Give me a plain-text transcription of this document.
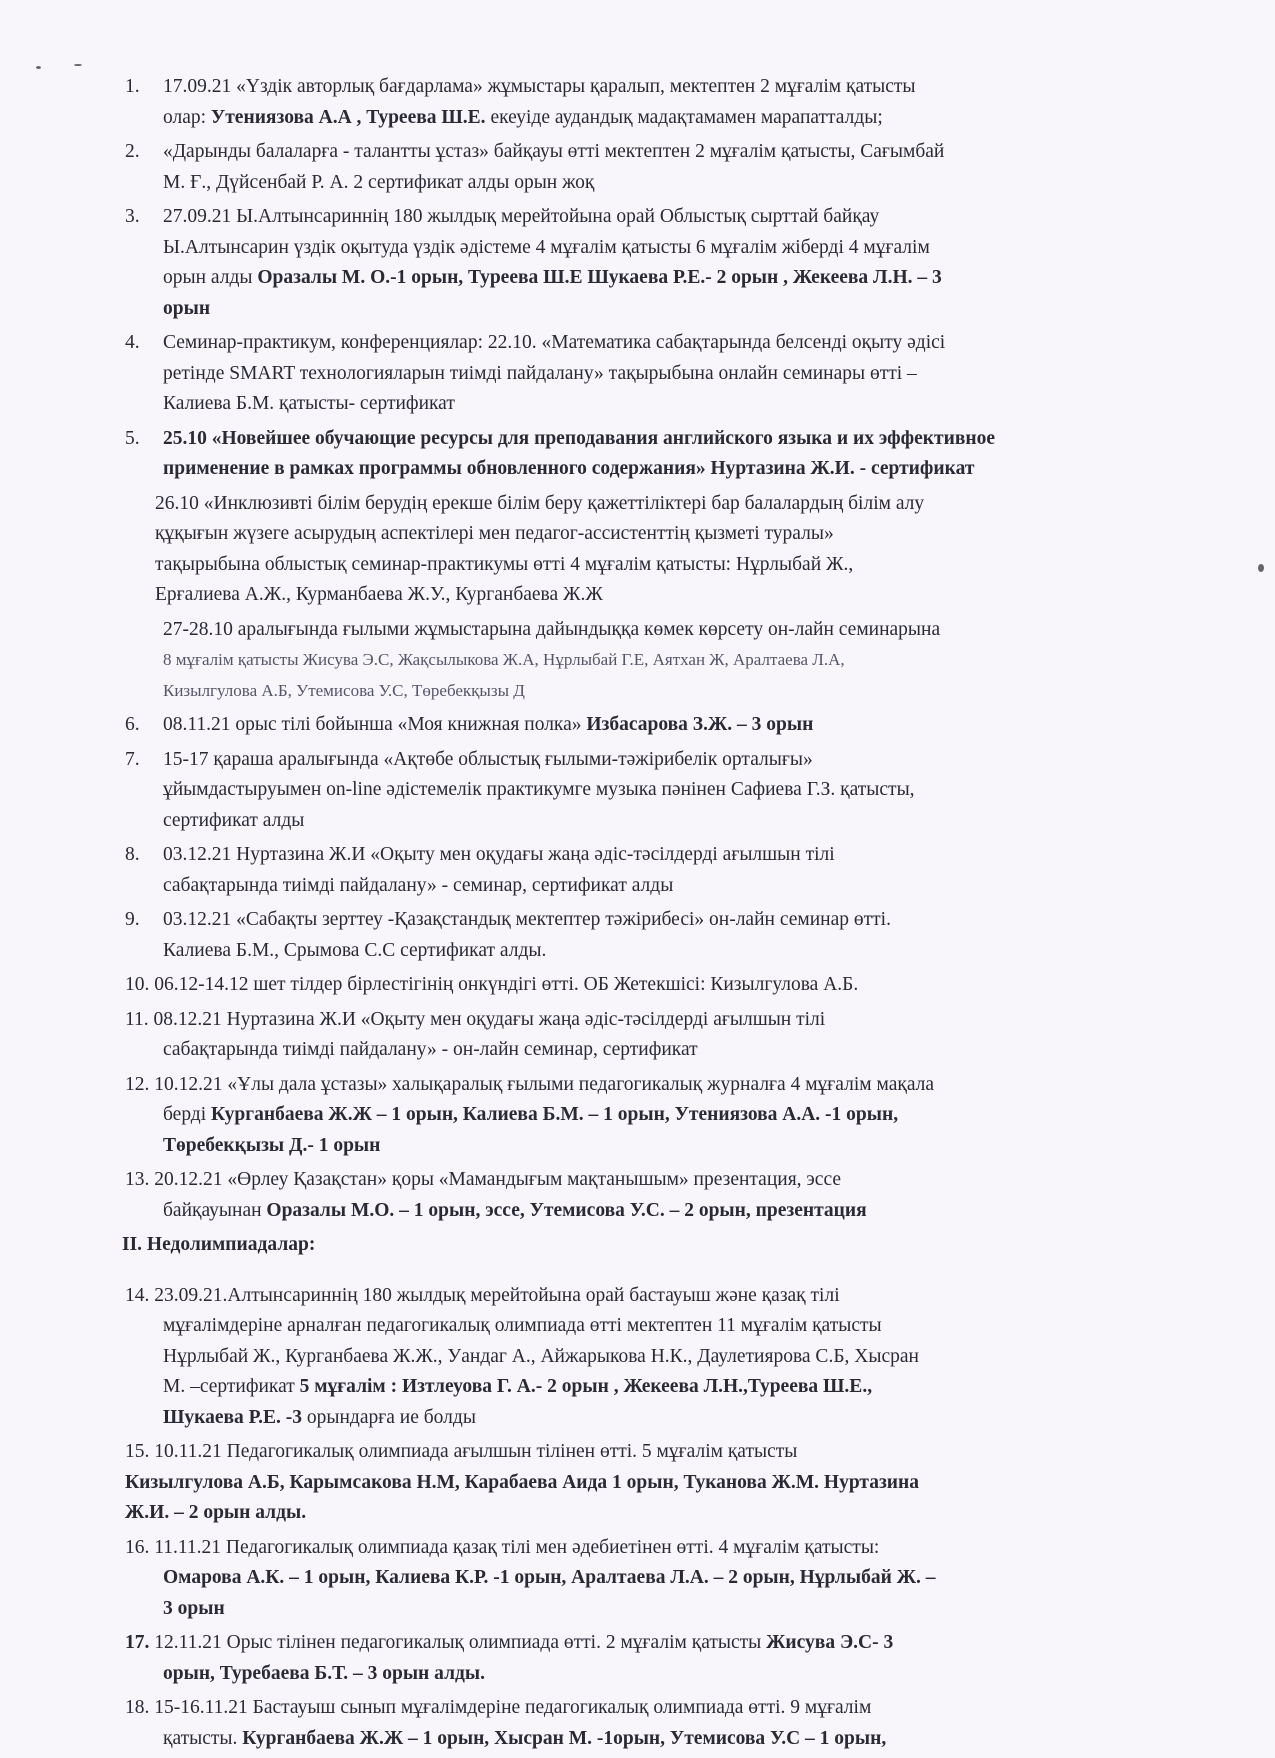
1. 17.09.21 «Үздік авторлық бағдарлама» жұмыстары қаралып, мектептен 2 мұғалім қатысты
олар: Утениязова А.А , Туреева Ш.Е. екеуіде аудандық мадақтамамен марапатталды;
2. «Дарынды балаларға - талантты ұстаз» байқауы өтті мектептен 2 мұғалім қатысты, Сағымбай
М. Ғ., Дүйсенбай Р. А. 2 сертификат алды орын жоқ
3. 27.09.21 Ы.Алтынсариннің 180 жылдық мерейтойына орай Облыстық сырттай байқау
Ы.Алтынсарин үздік оқытуда үздік әдістеме 4 мұғалім қатысты 6 мұғалім жіберді 4 мұғалім
орын алды Оразалы М. О.-1 орын, Туреева Ш.Е Шукаева Р.Е.- 2 орын , Жекеева Л.Н. – 3
орын
4. Семинар-практикум, конференциялар: 22.10. «Математика сабақтарында белсенді оқыту әдісі
ретінде SMART технологияларын тиімді пайдалану» тақырыбына онлайн семинары өтті –
Калиева Б.М. қатысты- сертификат
5. 25.10 «Новейшее обучающие ресурсы для преподавания английского языка и их эффективное
применение в рамках программы обновленного содержания» Нуртазина Ж.И. - сертификат
26.10 «Инклюзивті білім берудің ерекше білім беру қажеттіліктері бар балалардың білім алу
құқығын жүзеге асырудың аспектілері мен педагог-ассистенттің қызметі туралы»
тақырыбына облыстық семинар-практикумы өтті 4 мұғалім қатысты: Нұрлыбай Ж.,
Ерғалиева А.Ж., Курманбаева Ж.У., Курганбаева Ж.Ж
27-28.10 аралығында ғылыми жұмыстарына дайындыққа көмек көрсету он-лайн семинарына
8 мұғалім қатысты Жисува Э.С, Жақсылыкова Ж.А, Нұрлыбай Г.Е, Аятхан Ж, Аралтаева Л.А,
Кизылгулова А.Б, Утемисова У.С, Төребекқызы Д
6. 08.11.21 орыс тілі бойынша «Моя книжная полка» Избасарова З.Ж. – 3 орын
7. 15-17 қараша аралығында «Ақтөбе облыстық ғылыми-тәжірибелік орталығы»
ұйымдастыруымен on-line әдістемелік практикумге музыка пәнінен Сафиева Г.З. қатысты,
сертификат алды
8. 03.12.21 Нуртазина Ж.И «Оқыту мен оқудағы жаңа әдіс-тәсілдерді ағылшын тілі
сабақтарында тиімді пайдалану» - семинар, сертификат алды
9. 03.12.21 «Сабақты зерттеу -Қазақстандық мектептер тәжірибесі» он-лайн семинар өтті.
Калиева Б.М., Срымова С.С сертификат алды.
10. 06.12-14.12 шет тілдер бірлестігінің онкүндігі өтті. ОБ Жетекшісі: Кизылгулова А.Б.
11. 08.12.21 Нуртазина Ж.И «Оқыту мен оқудағы жаңа әдіс-тәсілдерді ағылшын тілі
сабақтарында тиімді пайдалану» - он-лайн семинар, сертификат
12. 10.12.21 «Ұлы дала ұстазы» халықаралық ғылыми педагогикалық журналға 4 мұғалім мақала
берді Курганбаева Ж.Ж – 1 орын, Калиева Б.М. – 1 орын, Утениязова А.А. -1 орын,
Төребекқызы Д.- 1 орын
13. 20.12.21 «Өрлеу Қазақстан» қоры «Мамандығым мақтанышым» презентация, эссе
байқауынан Оразалы М.О. – 1 орын, эссе, Утемисова У.С. – 2 орын, презентация
II. Недолимпиадалар:
14. 23.09.21.Алтынсариннің 180 жылдық мерейтойына орай бастауыш және қазақ тілі
мұғалімдеріне арналған педагогикалық олимпиада өтті мектептен 11 мұғалім қатысты
Нұрлыбай Ж., Курганбаева Ж.Ж., Уандаг А., Айжарыкова Н.К., Даулетиярова С.Б, Хысран
М. –сертификат 5 мұғалім : Изтлеуова Г. А.- 2 орын , Жекеева Л.Н.,Туреева Ш.Е.,
Шукаева Р.Е. -3 орындарға ие болды
15. 10.11.21 Педагогикалық олимпиада ағылшын тілінен өтті. 5 мұғалім қатысты
Кизылгулова А.Б, Карымсакова Н.М, Карабаева Аида 1 орын, Туканова Ж.М. Нуртазина
Ж.И. – 2 орын алды.
16. 11.11.21 Педагогикалық олимпиада қазақ тілі мен әдебиетінен өтті. 4 мұғалім қатысты:
Омарова А.К. – 1 орын, Калиева К.Р. -1 орын, Аралтаева Л.А. – 2 орын, Нұрлыбай Ж. –
3 орын
17. 12.11.21 Орыс тілінен педагогикалық олимпиада өтті. 2 мұғалім қатысты Жисува Э.С- 3
орын, Туребаева Б.Т. – 3 орын алды.
18. 15-16.11.21 Бастауыш сынып мұғалімдеріне педагогикалық олимпиада өтті. 9 мұғалім
қатысты. Курганбаева Ж.Ж – 1 орын, Хысран М. -1орын, Утемисова У.С – 1 орын,
